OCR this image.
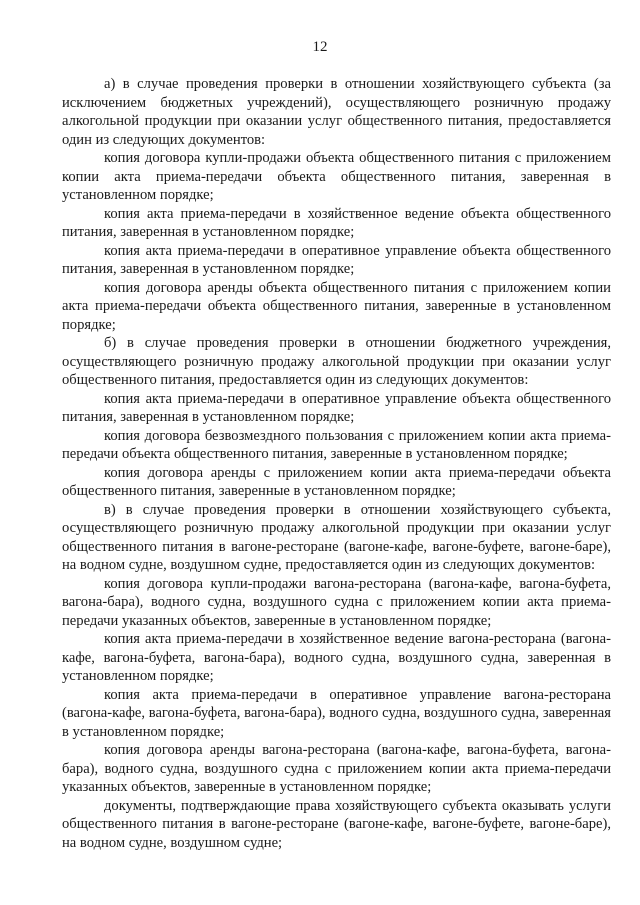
12

а) в случае проведения проверки в отношении хозяйствующего субъекта (за исключением бюджетных учреждений), осуществляющего розничную продажу алкогольной продукции при оказании услуг общественного питания, предоставляется один из следующих документов:

копия договора купли-продажи объекта общественного питания с приложением копии акта приема-передачи объекта общественного питания, заверенная в установленном порядке;

копия акта приема-передачи в хозяйственное ведение объекта общественного питания, заверенная в установленном порядке;

копия акта приема-передачи в оперативное управление объекта общественного питания, заверенная в установленном порядке;

копия договора аренды объекта общественного питания с приложением копии акта приема-передачи объекта общественного питания, заверенные в установленном порядке;

б) в случае проведения проверки в отношении бюджетного учреждения, осуществляющего розничную продажу алкогольной продукции при оказании услуг общественного питания, предоставляется один из следующих документов:

копия акта приема-передачи в оперативное управление объекта общественного питания, заверенная в установленном порядке;

копия договора безвозмездного пользования с приложением копии акта приема-передачи объекта общественного питания, заверенные в установленном порядке;

копия договора аренды с приложением копии акта приема-передачи объекта общественного питания, заверенные в установленном порядке;

в) в случае проведения проверки в отношении хозяйствующего субъекта, осуществляющего розничную продажу алкогольной продукции при оказании услуг общественного питания в вагоне-ресторане (вагоне-кафе, вагоне-буфете, вагоне-баре), на водном судне, воздушном судне, предоставляется один из следующих документов:

копия договора купли-продажи вагона-ресторана (вагона-кафе, вагона-буфета, вагона-бара), водного судна, воздушного судна с приложением копии акта приема-передачи указанных объектов, заверенные в установленном порядке;

копия акта приема-передачи в хозяйственное ведение вагона-ресторана (вагона-кафе, вагона-буфета, вагона-бара), водного судна, воздушного судна, заверенная в установленном порядке;

копия акта приема-передачи в оперативное управление вагона-ресторана (вагона-кафе, вагона-буфета, вагона-бара), водного судна, воздушного судна, заверенная в установленном порядке;

копия договора аренды вагона-ресторана (вагона-кафе, вагона-буфета, вагона-бара), водного судна, воздушного судна с приложением копии акта приема-передачи указанных объектов, заверенные в установленном порядке;

документы, подтверждающие права хозяйствующего субъекта оказывать услуги общественного питания в вагоне-ресторане (вагоне-кафе, вагоне-буфете, вагоне-баре), на водном судне, воздушном судне;
